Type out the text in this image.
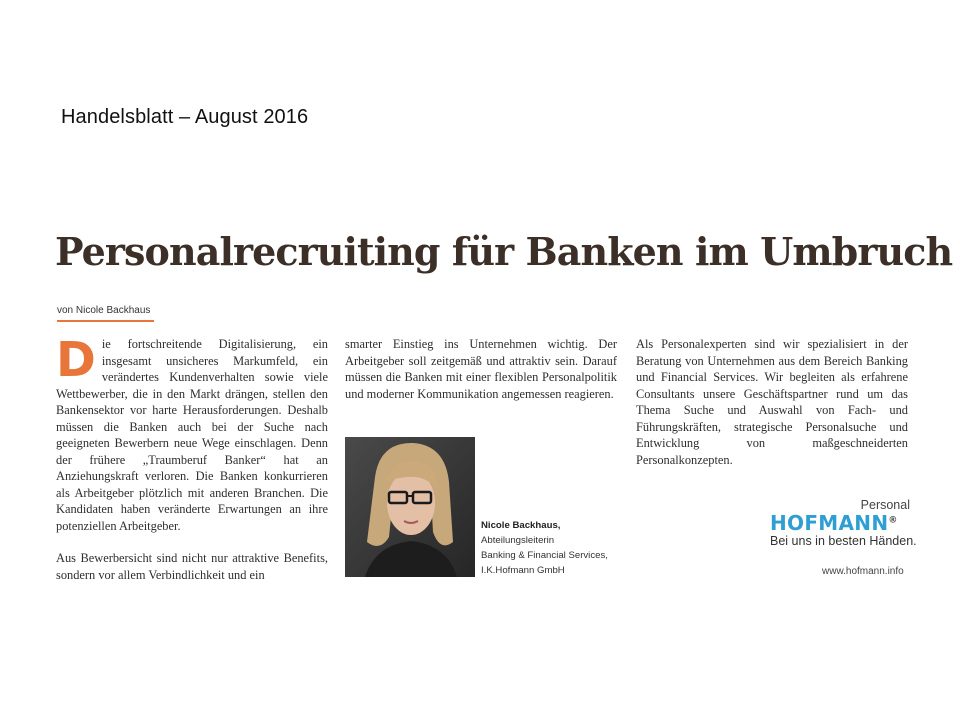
Handelsblatt – August 2016
Personalrecruiting für Banken im Umbruch
von Nicole Backhaus

Die fortschreitende Digitalisierung, ein insgesamt unsicheres Markumfeld, ein verändertes Kundenverhalten sowie viele Wettbewerber, die in den Markt drängen, stellen den Bankensektor vor harte Herausforderungen. Deshalb müssen die Banken auch bei der Suche nach geeigneten Bewerbern neue Wege einschlagen. Denn der frühere „Traumberuf Banker“ hat an Anziehungskraft verloren. Die Banken konkurrieren als Arbeitgeber plötzlich mit anderen Branchen. Die Kandidaten haben veränderte Erwartungen an ihre potenziellen Arbeitgeber.

Aus Bewerbersicht sind nicht nur attraktive Benefits, sondern vor allem Verbindlichkeit und ein

smarter Einstieg ins Unternehmen wichtig. Der Arbeitgeber soll zeitgemäß und attraktiv sein. Darauf müssen die Banken mit einer flexiblen Personalpolitik und moderner Kommunikation angemessen reagieren.

Nicole Backhaus,
Abteilungsleiterin
Banking & Financial Services,
I.K.Hofmann GmbH

Als Personalexperten sind wir spezialisiert in der Beratung von Unternehmen aus dem Bereich Banking und Financial Services. Wir begleiten als erfahrene Consultants unsere Geschäftspartner rund um das Thema Suche und Auswahl von Fach- und Führungskräften, strategische Personalsuche und Entwicklung von maßgeschneiderten Personalkonzepten.

Personal
HOFMANN®
Bei uns in besten Händen.
www.hofmann.info
